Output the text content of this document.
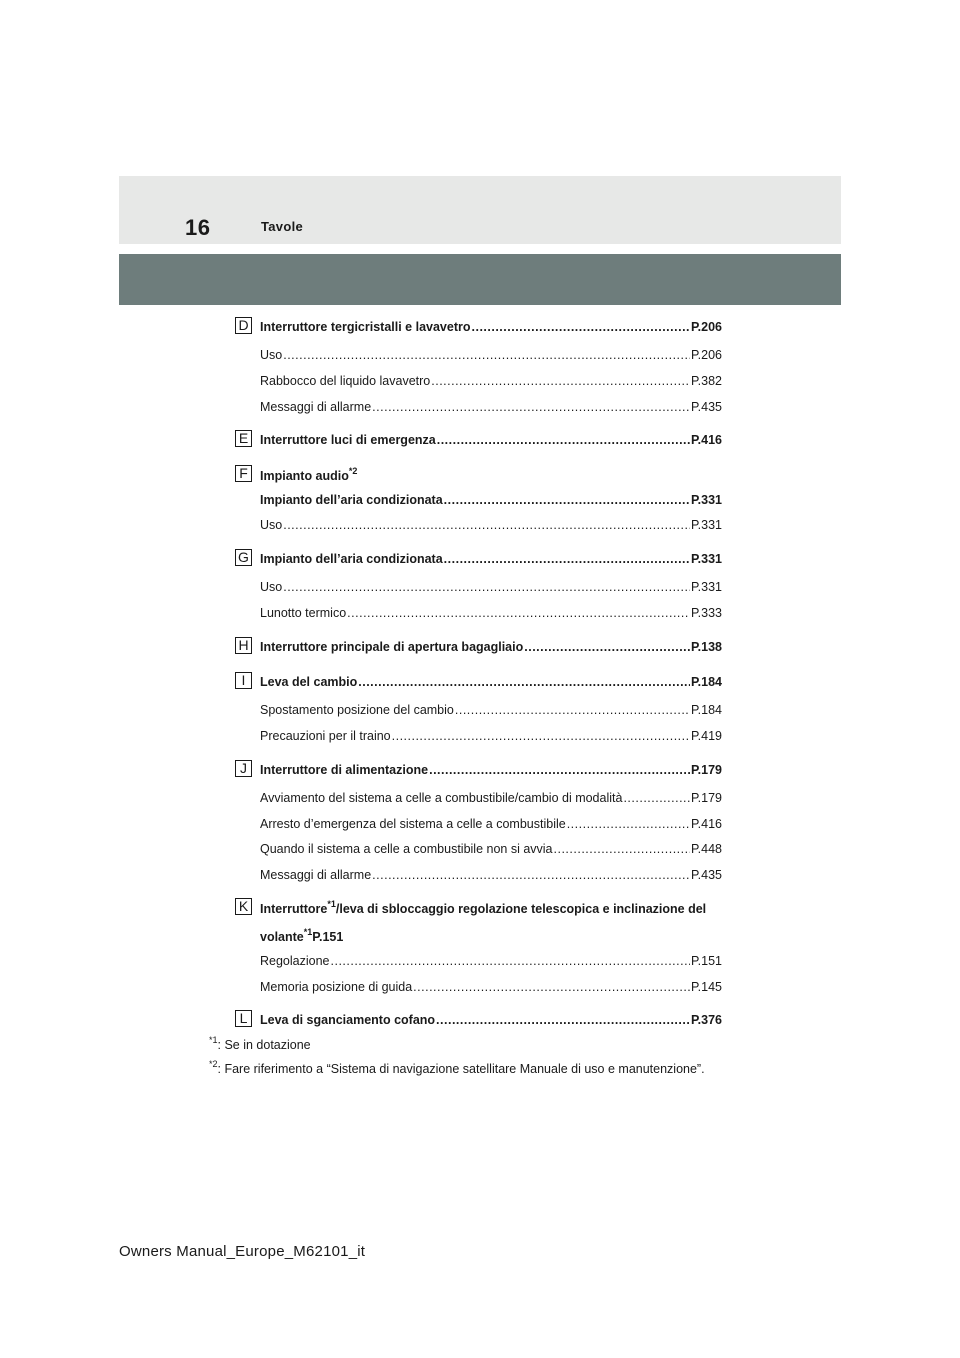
16	Tavole
D Interruttore tergicristalli e lavavetro .....	P.206
Uso .....	P.206
Rabbocco del liquido lavavetro .....	P.382
Messaggi di allarme .....	P.435
E Interruttore luci di emergenza .....	P.416
F Impianto audio$^{*2}$
Impianto dell’aria condizionata .....	P.331
Uso .....	P.331
G Impianto dell’aria condizionata .....	P.331
Uso .....	P.331
Lunotto termico .....	P.333
H Interruttore principale di apertura bagagliaio .....	P.138
I	Leva del cambio .....	P.184
Spostamento posizione del cambio .....	P.184
Precauzioni per il traino .....	P.419
J	Interruttore di alimentazione .....	P.179
Avviamento del sistema a celle a combustibile/cambio di modalità .....	P.179
Arresto d’emergenza del sistema a celle a combustibile .....	P.416
Quando il sistema a celle a combustibile non si avvia .....	P.448
Messaggi di allarme .....	P.435
K Interruttore$^{*1}$/leva di sbloccaggio regolazione telescopica e inclinazione del
volante$^{*1}$P.151
Regolazione .....	P.151
Memoria posizione di guida .....	P.145
L	Leva di sganciamento cofano .....	P.376
$^{*1}$: Se in dotazione
$^{*2}$: Fare riferimento a “Sistema di navigazione satellitare Manuale di uso e manutenzione”.
Owners Manual_Europe_M62101_it
